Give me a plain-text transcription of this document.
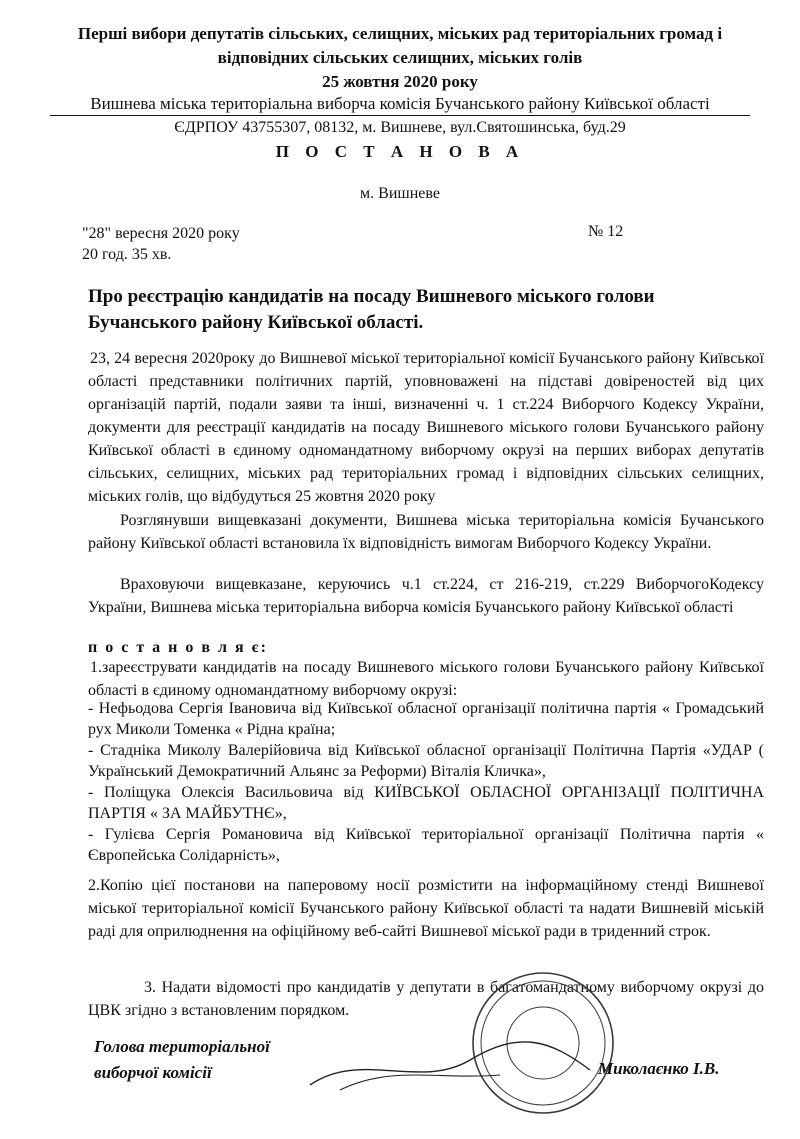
Перші вибори депутатів сільських, селищних, міських рад територіальних громад і
відповідних сільських селищних, міських голів
25 жовтня 2020 року
Вишнева міська територіальна виборча комісія Бучанського району Київської області
ЄДРПОУ 43755307, 08132, м. Вишневе, вул.Святошинська, буд.29
П О С Т А Н О В А
м. Вишневе
"28" вересня 2020 року
20 год. 35 хв.
№ 12
Про реєстрацію кандидатів на посаду Вишневого міського голови
Бучанського району Київської області.
23, 24 вересня 2020року до Вишневої міської територіальної комісії Бучанського району Київської області представники політичних партій, уповноважені на підставі довіреностей від цих організацій партій, подали заяви та інші, визначенні ч. 1 ст.224 Виборчого Кодексу України, документи для реєстрації кандидатів на посаду Вишневого міського голови Бучанського району Київської області в єдиному одномандатному виборчому окрузі на перших виборах депутатів сільських, селищних, міських рад територіальних громад і відповідних сільських селищних, міських голів, що відбудуться 25 жовтня 2020 року
Розглянувши вищевказані документи, Вишнева міська територіальна комісія Бучанського району Київської області встановила їх відповідність вимогам Виборчого Кодексу України.
Враховуючи вищевказане, керуючись ч.1 ст.224, ст 216-219, ст.229 ВиборчогоКодексу України, Вишнева міська територіальна виборча комісія Бучанського району Київської області
п о с т а н о в л я є:
1.зареєструвати кандидатів на посаду Вишневого міського голови Бучанського району Київської області в єдиному одномандатному виборчому окрузі:
- Нефьодова Сергія Івановича від Київської обласної організації політична партія « Громадський рух Миколи Томенка « Рідна країна;
- Стадніка Миколу Валерійовича від Київської обласної організації Політична Партія «УДАР ( Український Демократичний Альянс за Реформи) Віталія Кличка»,
- Поліщука Олексія Васильовича від КИЇВСЬКОЇ ОБЛАСНОЇ ОРГАНІЗАЦІЇ ПОЛІТИЧНА ПАРТІЯ « ЗА МАЙБУТНЄ»,
- Гулієва Сергія Романовича від Київської територіальної організації Політична партія « Європейська Солідарність»,
2.Копію цієї постанови на паперовому носії розмістити на інформаційному стенді Вишневої міської територіальної комісії Бучанського району Київської області та надати Вишневій міській раді для оприлюднення на офіційному веб-сайті Вишневої міської ради в триденний строк.
3. Надати відомості про кандидатів у депутати в багатомандатному виборчому окрузі до ЦВК згідно з встановленим порядком.
Голова територіальної
виборчої комісії	Миколаєнко І.В.
